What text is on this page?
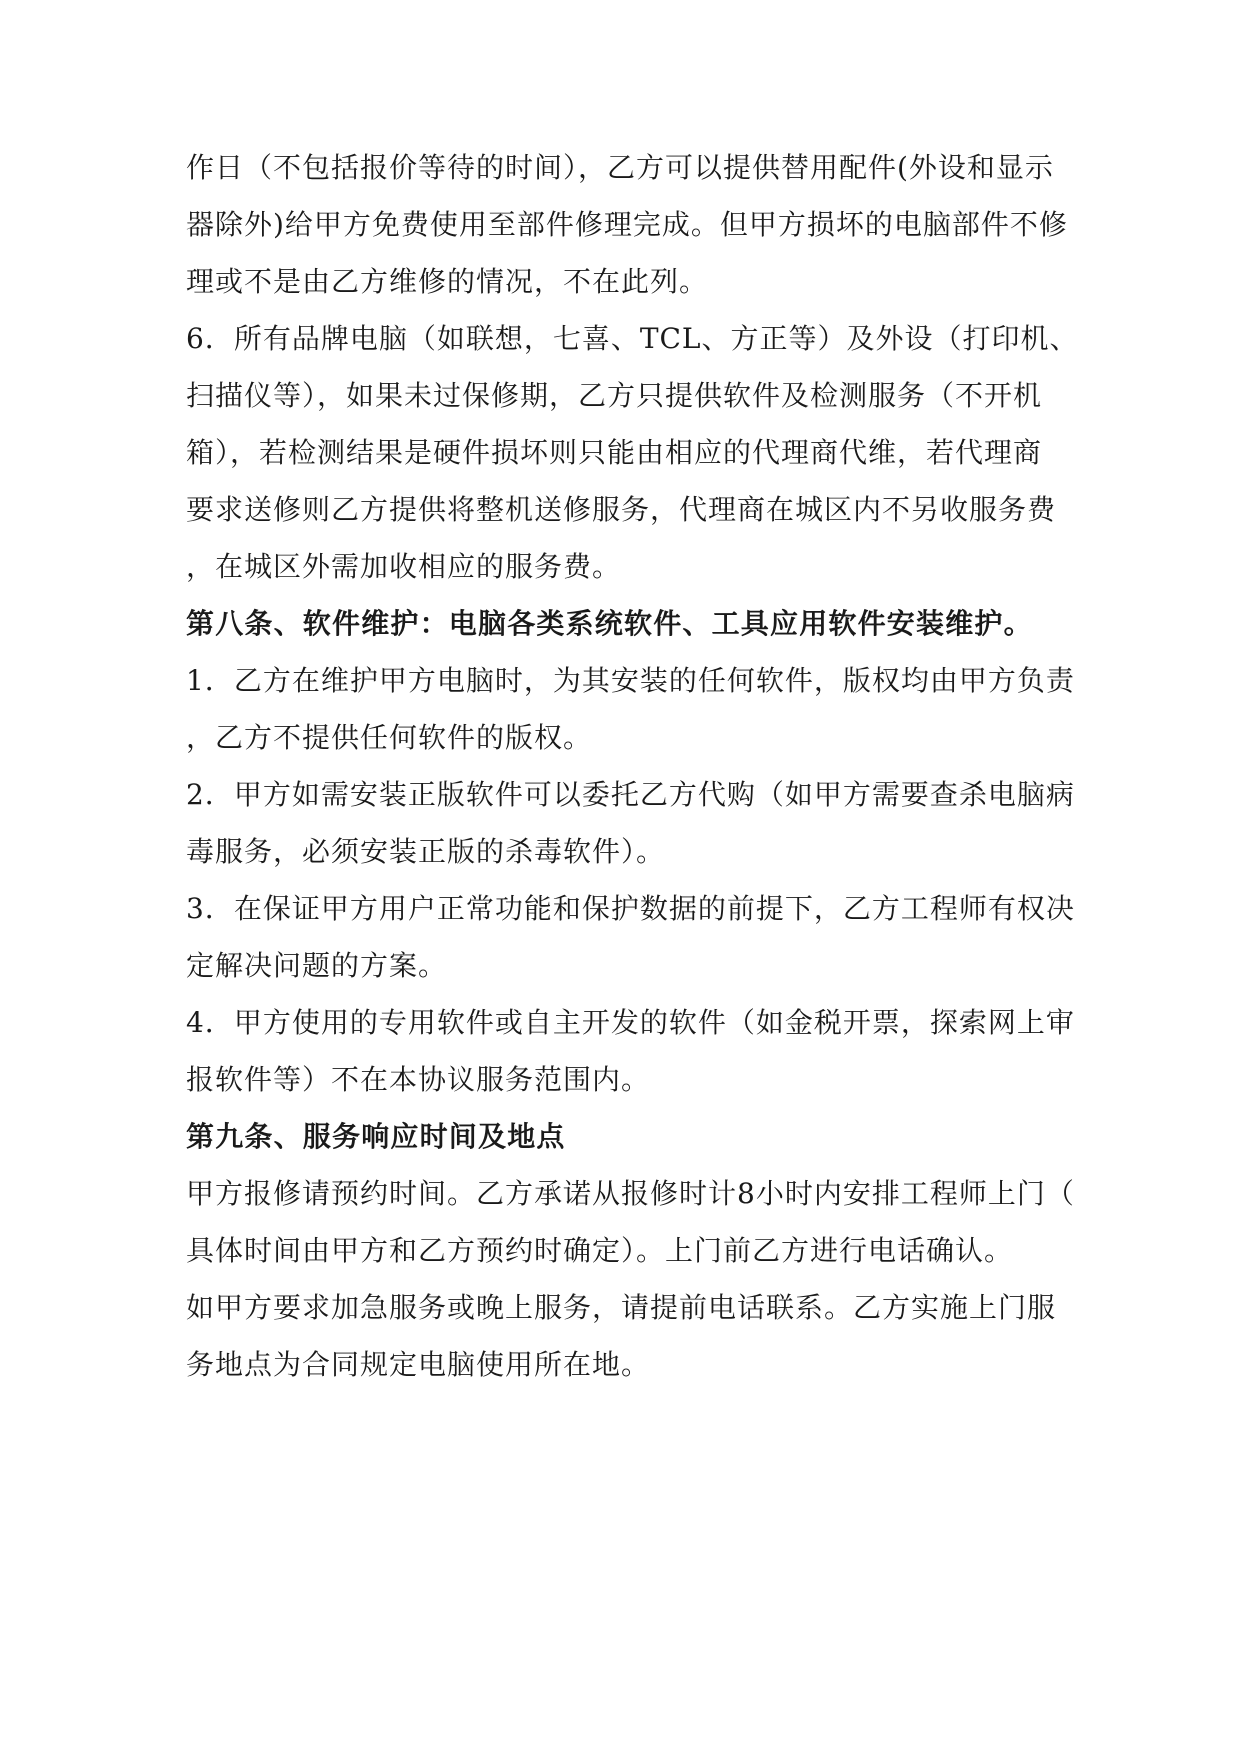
作日（不包括报价等待的时间），乙方可以提供替用配件(外设和显示
器除外)给甲方免费使用至部件修理完成。但甲方损坏的电脑部件不修
理或不是由乙方维修的情况，不在此列。
6．所有品牌电脑（如联想，七喜、TCL、方正等）及外设（打印机、
扫描仪等），如果未过保修期，乙方只提供软件及检测服务（不开机
箱），若检测结果是硬件损坏则只能由相应的代理商代维，若代理商
要求送修则乙方提供将整机送修服务，代理商在城区内不另收服务费
，在城区外需加收相应的服务费。
第八条、软件维护：电脑各类系统软件、工具应用软件安装维护。
1．乙方在维护甲方电脑时，为其安装的任何软件，版权均由甲方负责
，乙方不提供任何软件的版权。
2．甲方如需安装正版软件可以委托乙方代购（如甲方需要查杀电脑病
毒服务，必须安装正版的杀毒软件）。
3．在保证甲方用户正常功能和保护数据的前提下，乙方工程师有权决
定解决问题的方案。
4．甲方使用的专用软件或自主开发的软件（如金税开票，探索网上审
报软件等）不在本协议服务范围内。
第九条、服务响应时间及地点
甲方报修请预约时间。乙方承诺从报修时计8小时内安排工程师上门（
具体时间由甲方和乙方预约时确定）。上门前乙方进行电话确认。
如甲方要求加急服务或晚上服务，请提前电话联系。乙方实施上门服
务地点为合同规定电脑使用所在地。
